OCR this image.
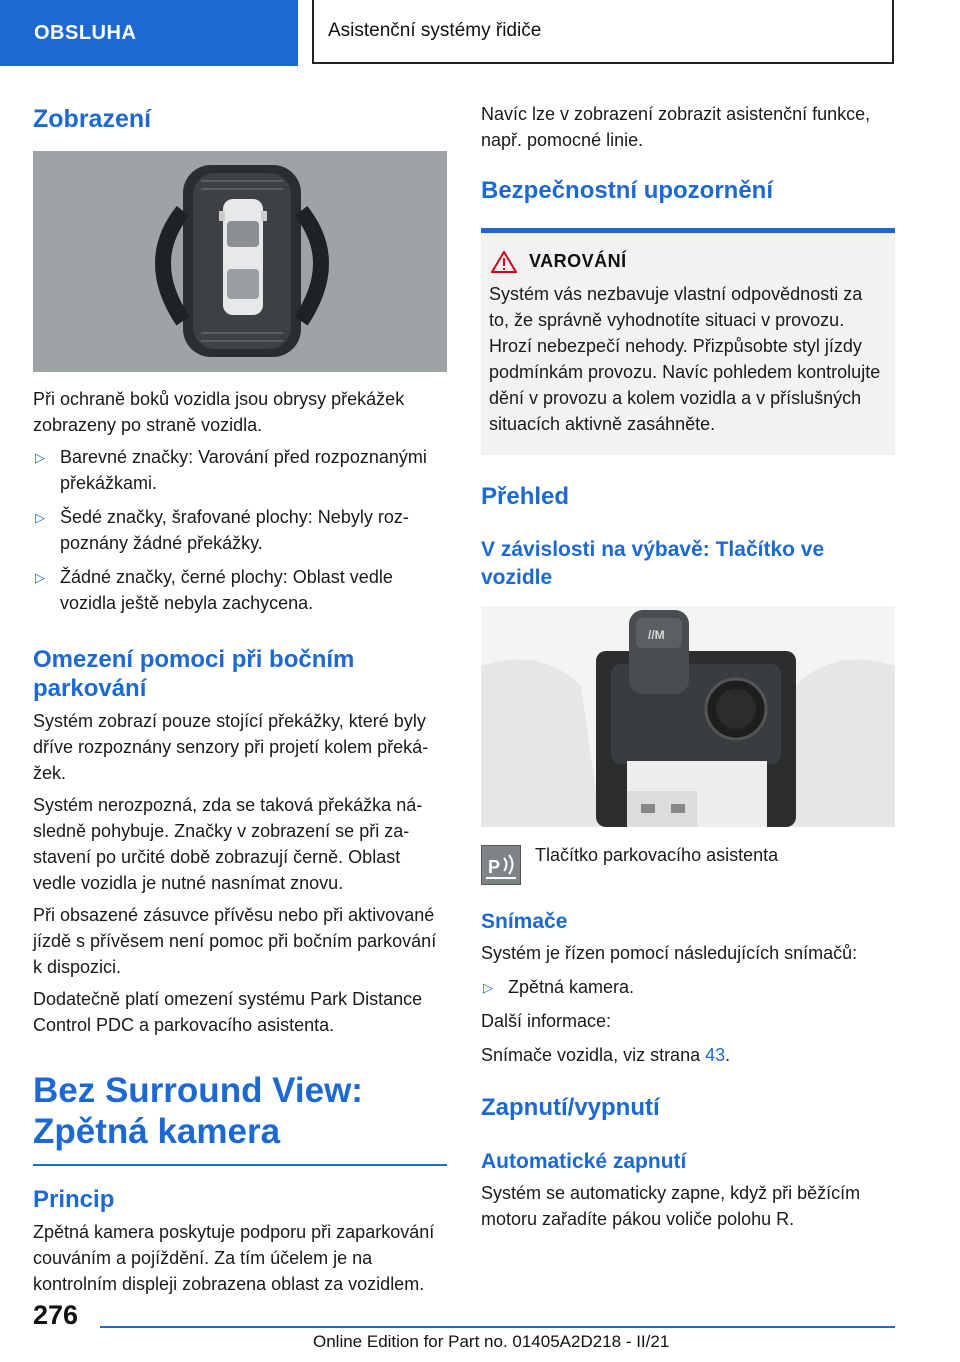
OBSLUHA	Asistenční systémy řidiče
Zobrazení

Při ochraně boků vozidla jsou obrysy překážek zobrazeny po straně vozidla.

▷ Barevné značky: Varování před rozpoznanými překážkami.
▷ Šedé značky, šrafované plochy: Nebyly rozpoznány žádné překážky.
▷ Žádné značky, černé plochy: Oblast vedle vozidla ještě nebyla zachycena.
Omezení pomoci při bočním parkování

Systém zobrazí pouze stojící překážky, které byly dříve rozpoznány senzory při projetí kolem překážek.

Systém nerozpozná, zda se taková překážka následně pohybuje. Značky v zobrazení se při zastavení po určité době zobrazují černě. Oblast vedle vozidla je nutné nasnímat znovu.

Při obsazené zásuvce přívěsu nebo při aktivované jízdě s přívěsem není pomoc při bočním parkování k dispozici.

Dodatečně platí omezení systému Park Distance Control PDC a parkovacího asistenta.

Bez Surround View: Zpětná kamera
Princip

Zpětná kamera poskytuje podporu při zaparkování couváním a pojíždění. Za tím účelem je na kontrolním displeji zobrazena oblast za vozidlem.

Navíc lze v zobrazení zobrazit asistenční funkce, např. pomocné linie.

Bezpečnostní upozornění
VAROVÁNÍ

Systém vás nezbavuje vlastní odpovědnosti za to, že správně vyhodnotíte situaci v provozu. Hrozí nebezpečí nehody. Přizpůsobte styl jízdy podmínkám provozu. Navíc pohledem kontrolujte dění v provozu a kolem vozidla a v příslušných situacích aktivně zasáhněte.

Přehled
V závislosti na výbavě: Tlačítko ve vozidle
//M
P

Tlačítko parkovacího asistenta

Snímače

Systém je řízen pomocí následujících snímačů:

▷ Zpětná kamera.

Další informace:

Snímače vozidla, viz strana 43.

Zapnutí/vypnutí
Automatické zapnutí

Systém se automaticky zapne, když při běžícím motoru zařadíte pákou voliče polohu R.

276
Online Edition for Part no. 01405A2D218 - II/21
